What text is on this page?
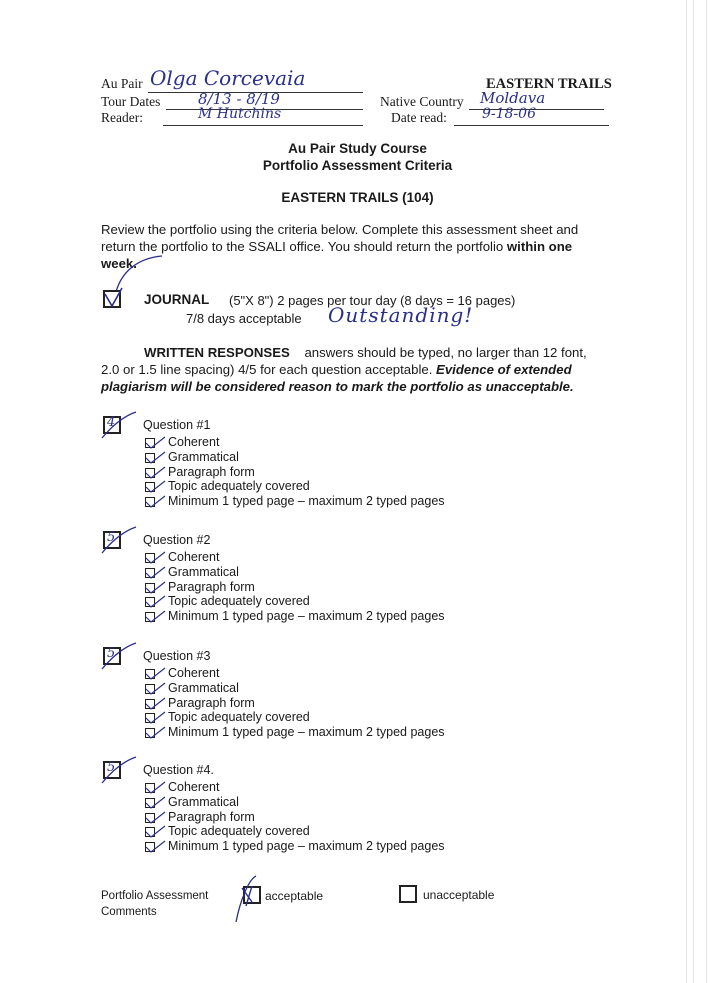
Au Pair Olga Corcevaia
Tour Dates	8/13 - 8/19
Reader:	M Hutchins
EASTERN TRAILS
Native Country Moldava
Date read:	9-18-06
Au Pair Study Course
Portfolio Assessment Criteria
EASTERN TRAILS (104)
Review the portfolio using the criteria below. Complete this assessment sheet and return the portfolio to the SSALI office. You should return the portfolio within one week.
JOURNAL (5"X 8") 2 pages per tour day (8 days = 16 pages)
7/8 days acceptable Outstanding!
WRITTEN RESPONSES answers should be typed, no larger than 12 font, 2.0 or 1.5 line spacing) 4/5 for each question acceptable. Evidence of extended plagiarism will be considered reason to mark the portfolio as unacceptable.
4 Question #1
Coherent
Grammatical
Paragraph form
Topic adequately covered
Minimum 1 typed page – maximum 2 typed pages
5 Question #2
Coherent
Grammatical
Paragraph form
Topic adequately covered
Minimum 1 typed page – maximum 2 typed pages
5 Question #3
Coherent
Grammatical
Paragraph form
Topic adequately covered
Minimum 1 typed page – maximum 2 typed pages
5 Question #4.
Coherent
Grammatical
Paragraph form
Topic adequately covered
Minimum 1 typed page – maximum 2 typed pages
Portfolio Assessment
Comments
acceptable	unacceptable
